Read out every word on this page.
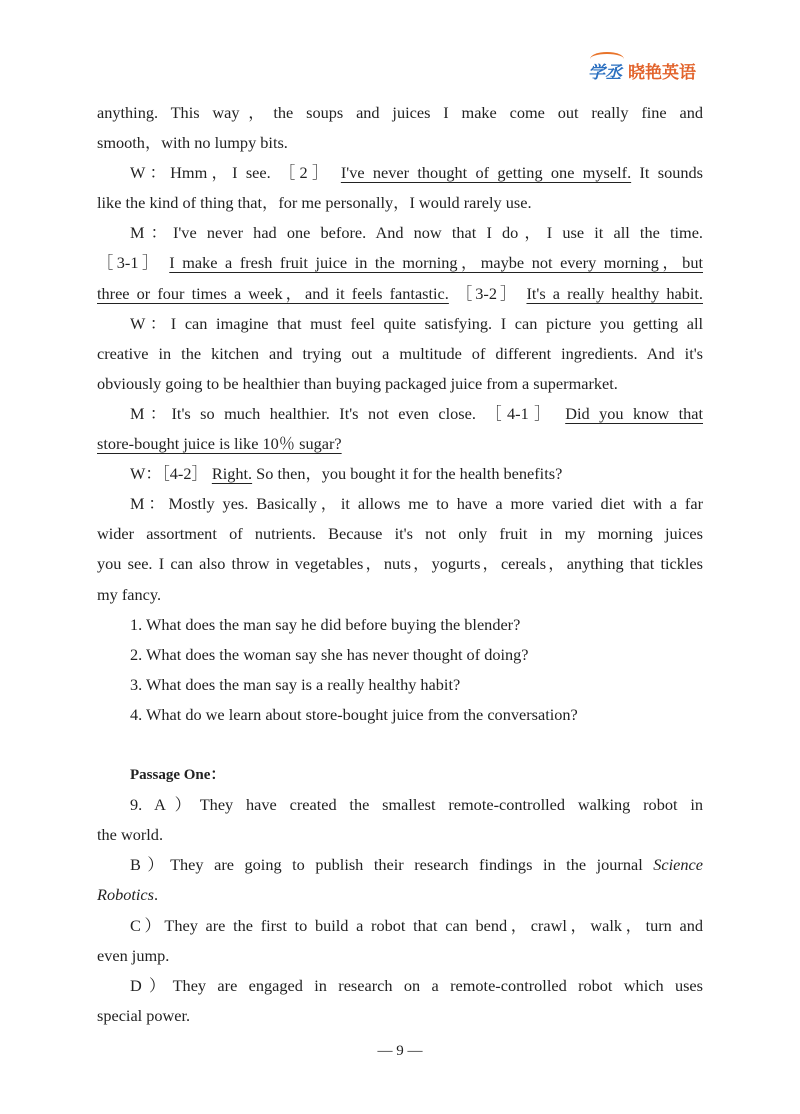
学丞 晓艳英语
anything. This way，the soups and juices I make come out really fine and
smooth，with no lumpy bits.
W：Hmm，I see. ［2］ I've never thought of getting one myself. It sounds
like the kind of thing that，for me personally，I would rarely use.
M：I've never had one before. And now that I do，I use it all the time.
［3-1］ I make a fresh fruit juice in the morning，maybe not every morning，but
three or four times a week，and it feels fantastic. ［3-2］ It's a really healthy habit.
W：I can imagine that must feel quite satisfying. I can picture you getting all
creative in the kitchen and trying out a multitude of different ingredients. And it's
obviously going to be healthier than buying packaged juice from a supermarket.
M：It's so much healthier. It's not even close. ［4-1］ Did you know that
store-bought juice is like 10％ sugar?
W：［4-2］ Right. So then，you bought it for the health benefits?
M：Mostly yes. Basically，it allows me to have a more varied diet with a far
wider assortment of nutrients. Because it's not only fruit in my morning juices
you see. I can also throw in vegetables，nuts，yogurts，cereals，anything that tickles
my fancy.
1. What does the man say he did before buying the blender?
2. What does the woman say she has never thought of doing?
3. What does the man say is a really healthy habit?
4. What do we learn about store-bought juice from the conversation?
Passage One：
9. A）They have created the smallest remote-controlled walking robot in
the world.
B）They are going to publish their research findings in the journal Science
Robotics.
C）They are the first to build a robot that can bend，crawl，walk，turn and
even jump.
D）They are engaged in research on a remote-controlled robot which uses
special power.
— 9 —
